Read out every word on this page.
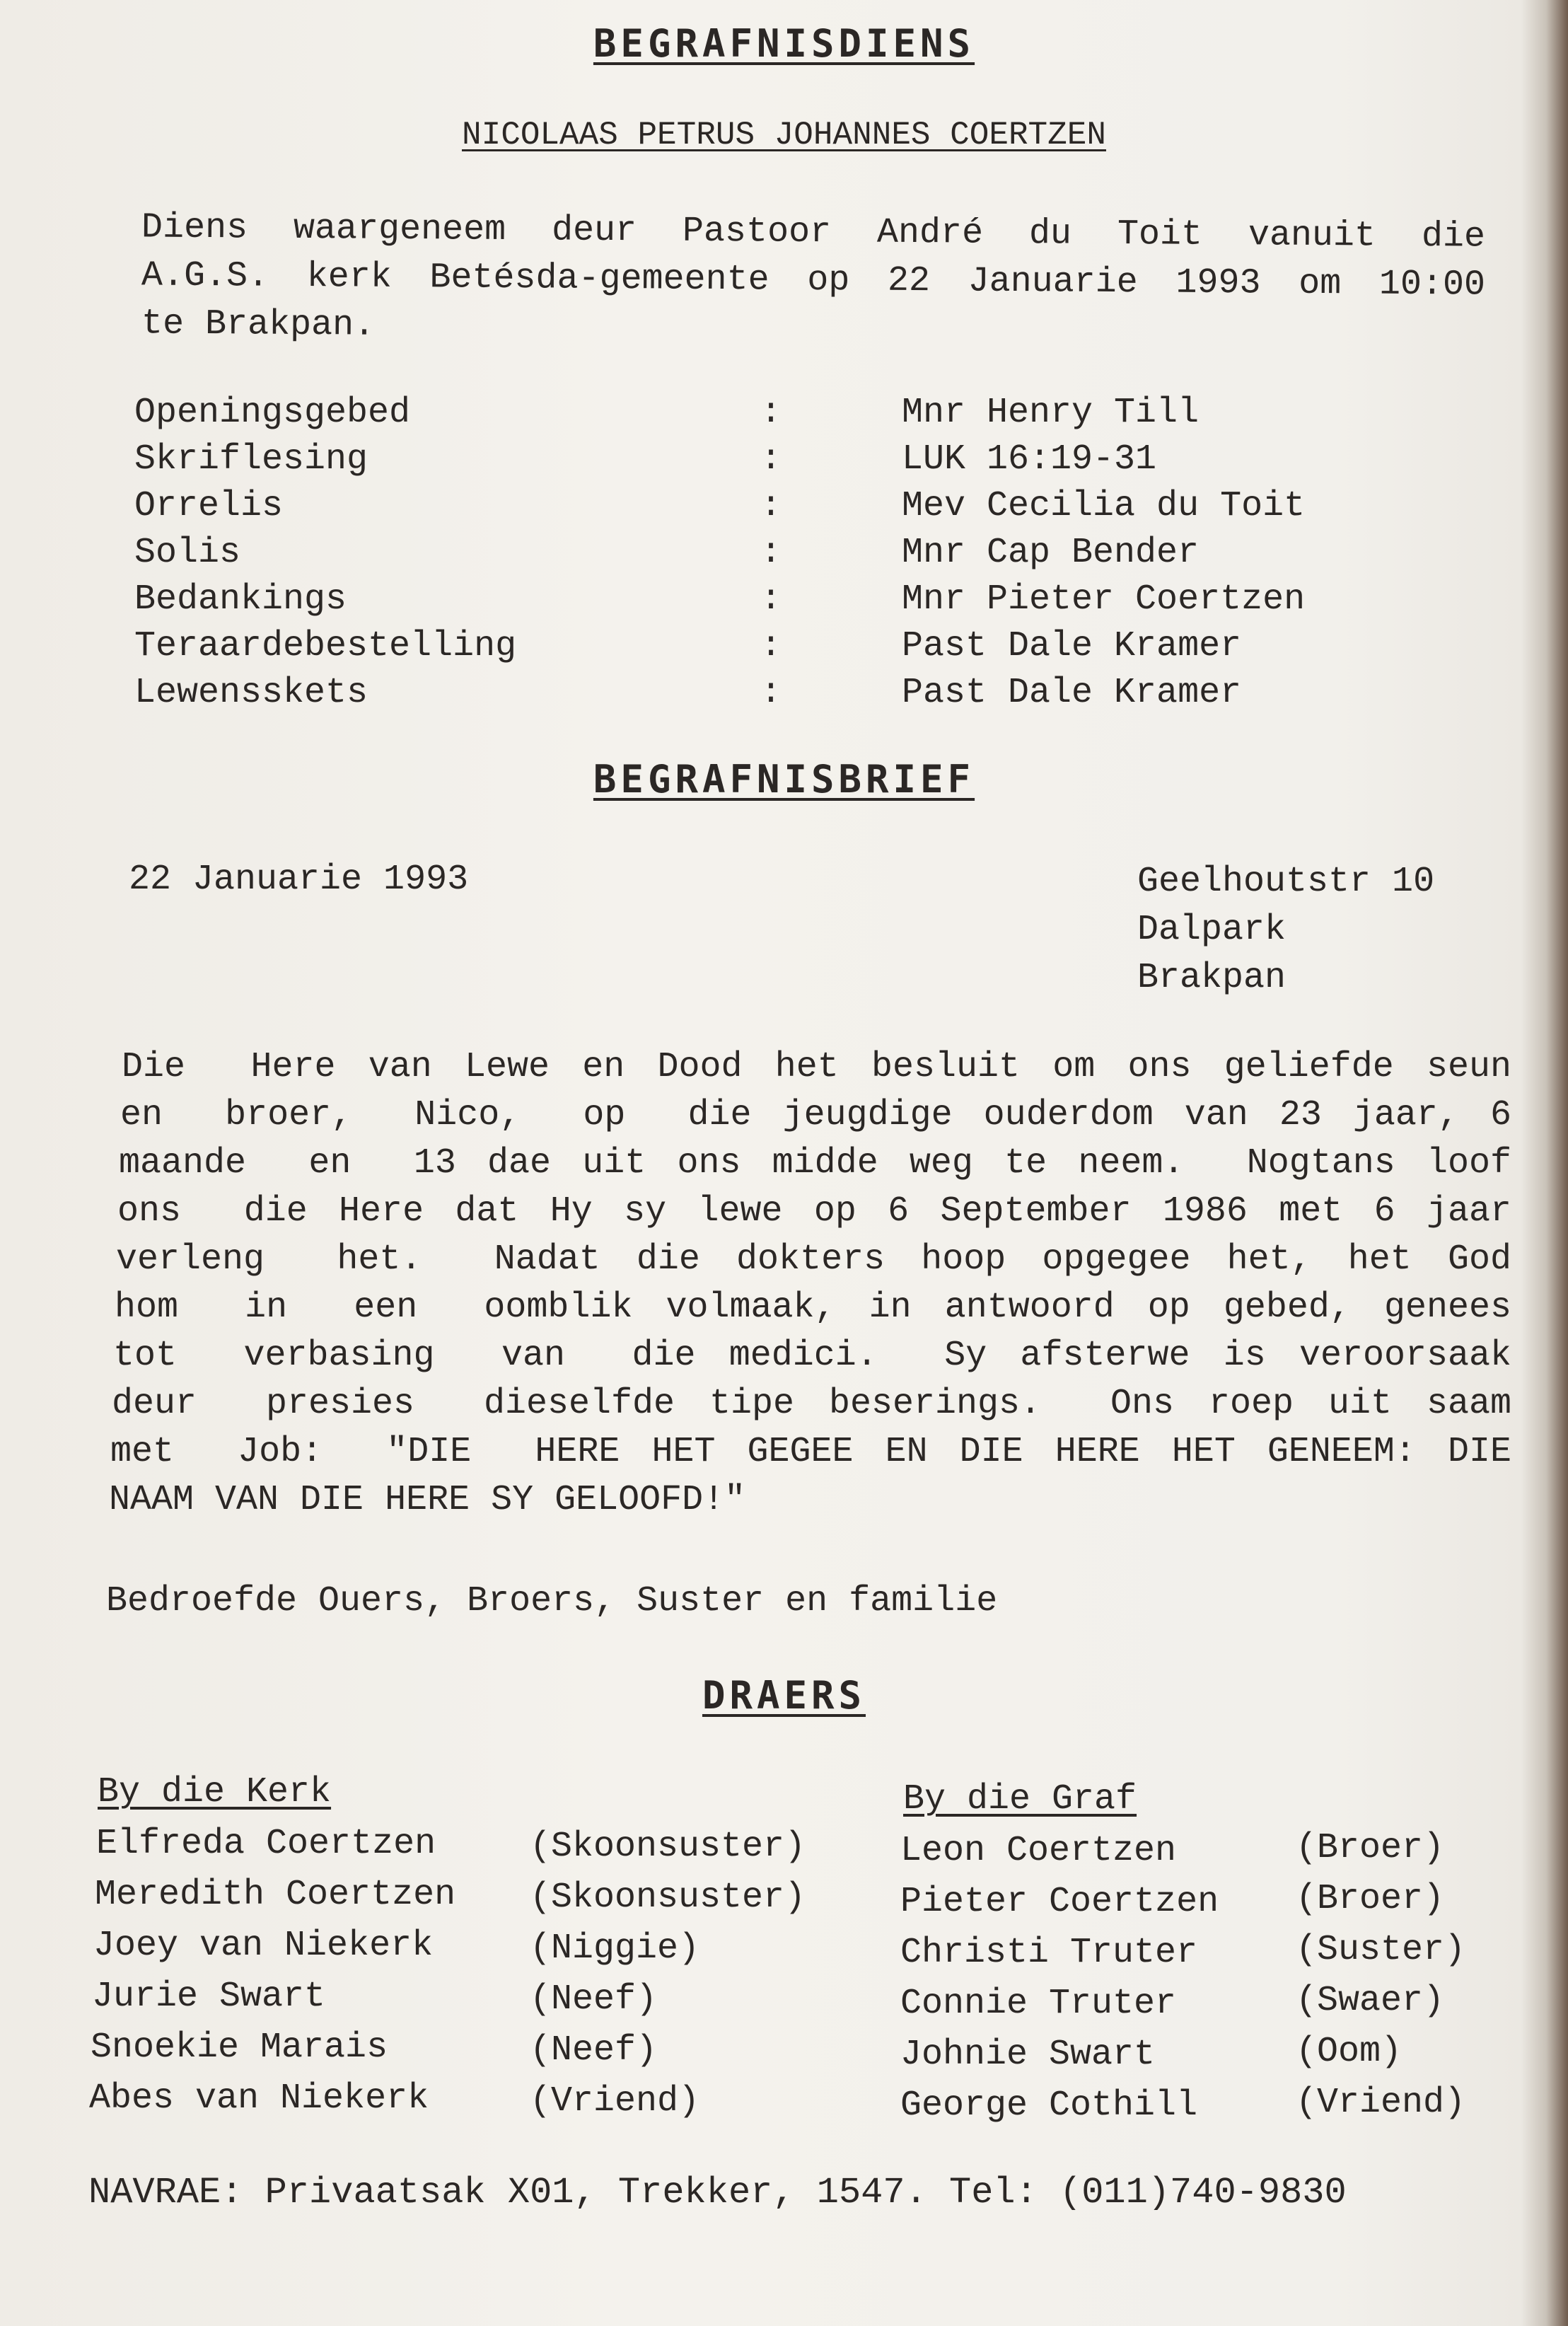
BEGRAFNISDIENS
NICOLAAS PETRUS JOHANNES COERTZEN
Diens waargeneem deur Pastoor André du Toit vanuit die
A.G.S. kerk Betésda-gemeente op 22 Januarie 1993 om 10:00
te Brakpan.
Openingsgebed	:	Mnr Henry Till
Skriflesing	:	LUK 16:19-31
Orrelis	:	Mev Cecilia du Toit
Solis	:	Mnr Cap Bender
Bedankings	:	Mnr Pieter Coertzen
Teraardebestelling	:	Past Dale Kramer
Lewensskets	:	Past Dale Kramer
BEGRAFNISBRIEF
22 Januarie 1993	Geelhoutstr 10
Dalpark
Brakpan
Die  Here van Lewe en Dood het besluit om ons geliefde seun
en  broer,  Nico,  op  die jeugdige ouderdom van 23 jaar, 6
maande  en  13 dae uit ons midde weg te neem.  Nogtans loof
ons  die Here dat Hy sy lewe op 6 September 1986 met 6 jaar
verleng  het.  Nadat die dokters hoop opgegee het, het God
hom  in  een  oomblik volmaak, in antwoord op gebed, genees
tot  verbasing  van  die medici.  Sy afsterwe is veroorsaak
deur  presies  dieselfde tipe beserings.  Ons roep uit saam
met  Job:  "DIE  HERE HET GEGEE EN DIE HERE HET GENEEM: DIE
NAAM VAN DIE HERE SY GELOOFD!"
Bedroefde Ouers, Broers, Suster en familie
DRAERS
By die Kerk	By die Graf
Elfreda Coertzen	(Skoonsuster)
Meredith Coertzen (Skoonsuster)
Joey van Niekerk	(Niggie)
Jurie Swart	(Neef)
Snoekie Marais	(Neef)
Abes van Niekerk	(Vriend)
Leon Coertzen	(Broer)
Pieter Coertzen (Broer)
Christi Truter	(Suster)
Connie Truter	(Swaer)
Johnie Swart	(Oom)
George Cothill	(Vriend)
NAVRAE: Privaatsak X01, Trekker, 1547. Tel: (011)740-9830
